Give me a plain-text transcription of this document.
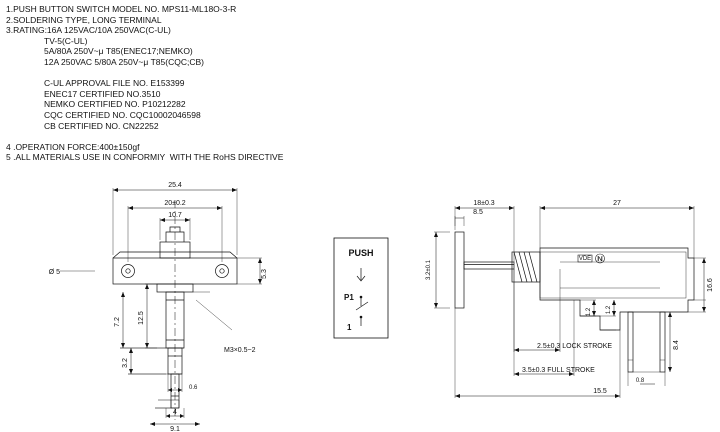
1.PUSH BUTTON SWITCH MODEL NO. MPS11-ML18O-3-R
2.SOLDERING TYPE, LONG TERMINAL
3.RATING:16A 125VAC/10A 250VAC(C-UL)
TV-5(C-UL)
5A/80A 250V~μ T85(ENEC17;NEMKO)
12A 250VAC 5/80A 250V~μ T85(CQC;CB)

C-UL APPROVAL FILE NO. E153399
ENEC17 CERTIFIED NO.3510
NEMKO CERTIFIED NO. P10212282
CQC CERTIFIED NO. CQC10002046598
CB CERTIFIED NO. CN22252

4 .OPERATION FORCE:400±150gf
5 .ALL MATERIALS USE IN CONFORMIY  WITH THE RoHS DIRECTIVE
25.4
20±0.2
10.7
Ø 5	5.3
12.5
7.2
3.2
M3×0.5~2
0.6
4
9.1
PUSH
P1
1
18±0.3	27
3.2±0.1
8.5
16.6
2.5±0.3 LOCK STROKE
3.5±0.3 FULL STROKE
8.4
0.8
15.5
1.2
1.2
VDE N
